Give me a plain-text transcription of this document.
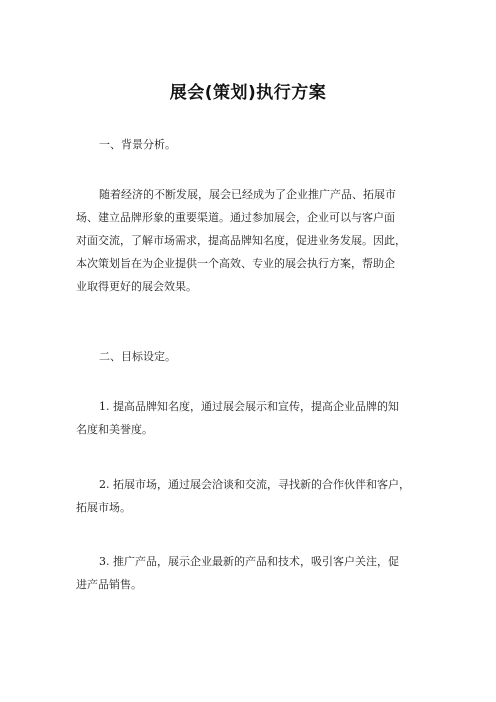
展会(策划)执行方案
一、背景分析。
随着经济的不断发展，展会已经成为了企业推广产品、拓展市
场、建立品牌形象的重要渠道。通过参加展会，企业可以与客户面
对面交流，了解市场需求，提高品牌知名度，促进业务发展。因此，
本次策划旨在为企业提供一个高效、专业的展会执行方案，帮助企
业取得更好的展会效果。
二、目标设定。
1. 提高品牌知名度，通过展会展示和宣传，提高企业品牌的知
名度和美誉度。
2. 拓展市场，通过展会洽谈和交流，寻找新的合作伙伴和客户，
拓展市场。
3. 推广产品，展示企业最新的产品和技术，吸引客户关注，促
进产品销售。
